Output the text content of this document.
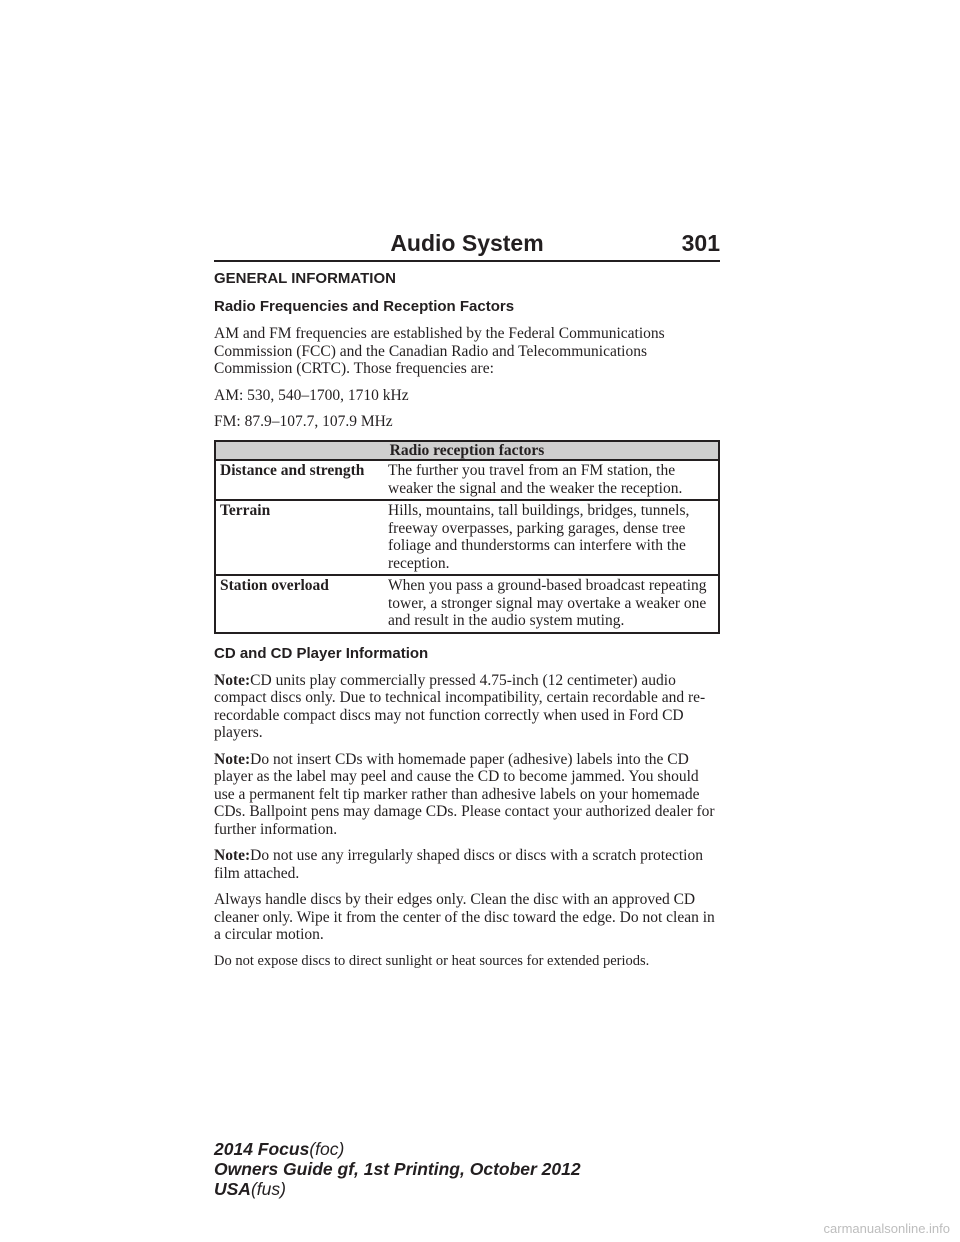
Audio System	301
GENERAL INFORMATION
Radio Frequencies and Reception Factors

AM and FM frequencies are established by the Federal Communications Commission (FCC) and the Canadian Radio and Telecommunications Commission (CRTC). Those frequencies are:

AM: 530, 540–1700, 1710 kHz

FM: 87.9–107.7, 107.9 MHz

Radio reception factors	
Distance and strength	The further you travel from an FM station, the weaker the signal and the weaker the reception.
Terrain	Hills, mountains, tall buildings, bridges, tunnels, freeway overpasses, parking garages, dense tree foliage and thunderstorms can interfere with the reception.
Station overload	When you pass a ground-based broadcast repeating tower, a stronger signal may overtake a weaker one and result in the audio system muting.
CD and CD Player Information

Note:CD units play commercially pressed 4.75-inch (12 centimeter) audio compact discs only. Due to technical incompatibility, certain recordable and re-recordable compact discs may not function correctly when used in Ford CD players.

Note:Do not insert CDs with homemade paper (adhesive) labels into the CD player as the label may peel and cause the CD to become jammed. You should use a permanent felt tip marker rather than adhesive labels on your homemade CDs. Ballpoint pens may damage CDs. Please contact your authorized dealer for further information.

Note:Do not use any irregularly shaped discs or discs with a scratch protection film attached.

Always handle discs by their edges only. Clean the disc with an approved CD cleaner only. Wipe it from the center of the disc toward the edge. Do not clean in a circular motion.

Do not expose discs to direct sunlight or heat sources for extended periods.

2014 Focus(foc)
Owners Guide gf, 1st Printing, October 2012
USA(fus)
carmanualsonline.info
